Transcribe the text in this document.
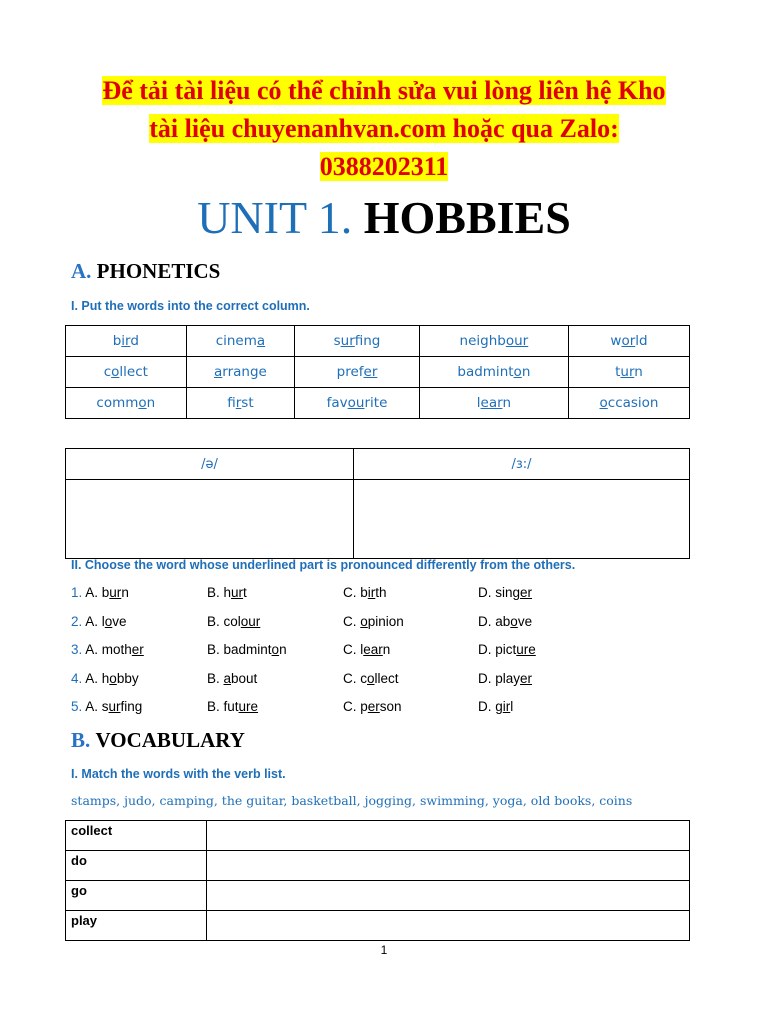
Để tải tài liệu có thể chỉnh sửa vui lòng liên hệ Kho
tài liệu chuyenanhvan.com hoặc qua Zalo:
0388202311
UNIT 1. HOBBIES
A. PHONETICS
I. Put the words into the correct column.
bird	cinema	surfing	neighbour	world
collect	arrange	prefer	badminton	turn
common	first	favourite	learn	occasion
/ə/	/ɜ:/

II. Choose the word whose underlined part is pronounced differently from the others.
1. A. burn	B. hurt	C. birth	D. singer
2. A. love	B. colour	C. opinion	D. above
3. A. mother	B. badminton	C. learn	D. picture
4. A. hobby	B. about	C. collect	D. player
5. A. surfing	B. future	C. person	D. girl
B. VOCABULARY
I. Match the words with the verb list.
stamps, judo, camping, the guitar, basketball, jogging, swimming, yoga, old books, coins
collect	
do	
go	
play	
1
